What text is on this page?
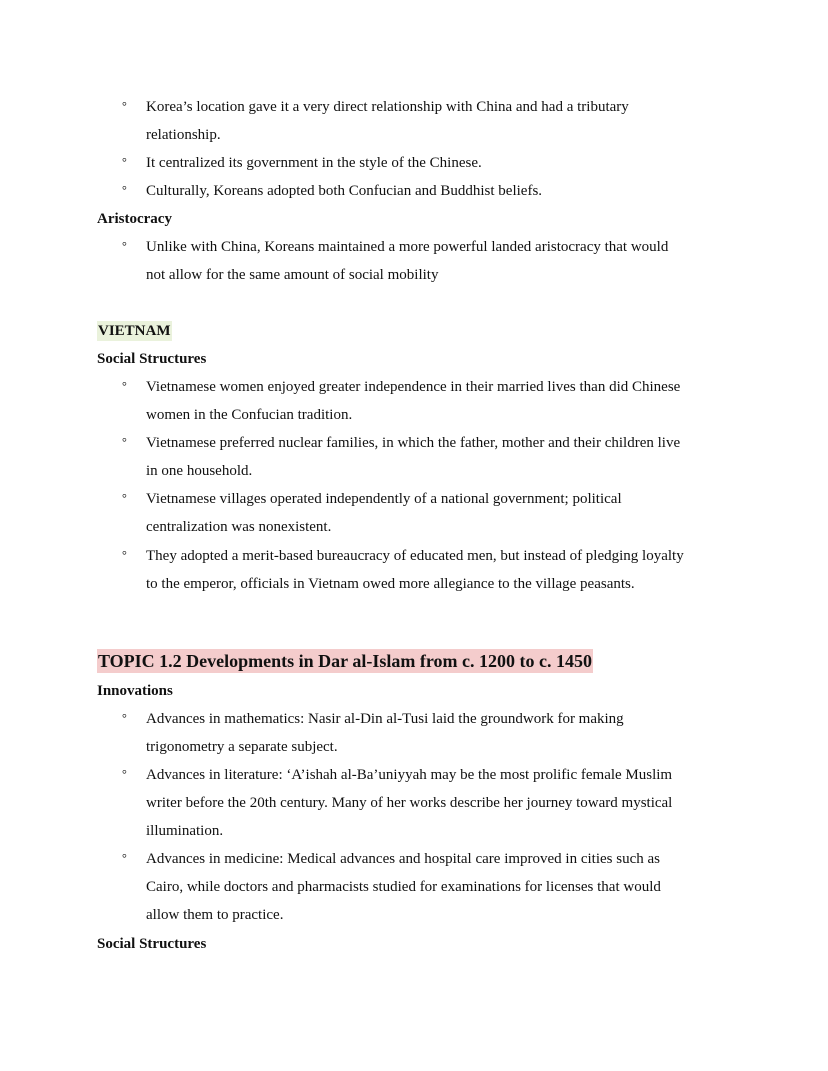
° Korea’s location gave it a very direct relationship with China and had a tributary
relationship.
° It centralized its government in the style of the Chinese.
° Culturally, Koreans adopted both Confucian and Buddhist beliefs.
Aristocracy
° Unlike with China, Koreans maintained a more powerful landed aristocracy that would
not allow for the same amount of social mobility
VIETNAM
Social Structures
° Vietnamese women enjoyed greater independence in their married lives than did Chinese
women in the Confucian tradition.
° Vietnamese preferred nuclear families, in which the father, mother and their children live
in one household.
° Vietnamese villages operated independently of a national government; political
centralization was nonexistent.
° They adopted a merit-based bureaucracy of educated men, but instead of pledging loyalty
to the emperor, officials in Vietnam owed more allegiance to the village peasants.
TOPIC 1.2 Developments in Dar al-Islam from c. 1200 to c. 1450
Innovations
° Advances in mathematics: Nasir al-Din al-Tusi laid the groundwork for making
trigonometry a separate subject.
° Advances in literature: ‘A’ishah al-Ba’uniyyah may be the most prolific female Muslim
writer before the 20th century. Many of her works describe her journey toward mystical
illumination.
° Advances in medicine: Medical advances and hospital care improved in cities such as
Cairo, while doctors and pharmacists studied for examinations for licenses that would
allow them to practice.
Social Structures
